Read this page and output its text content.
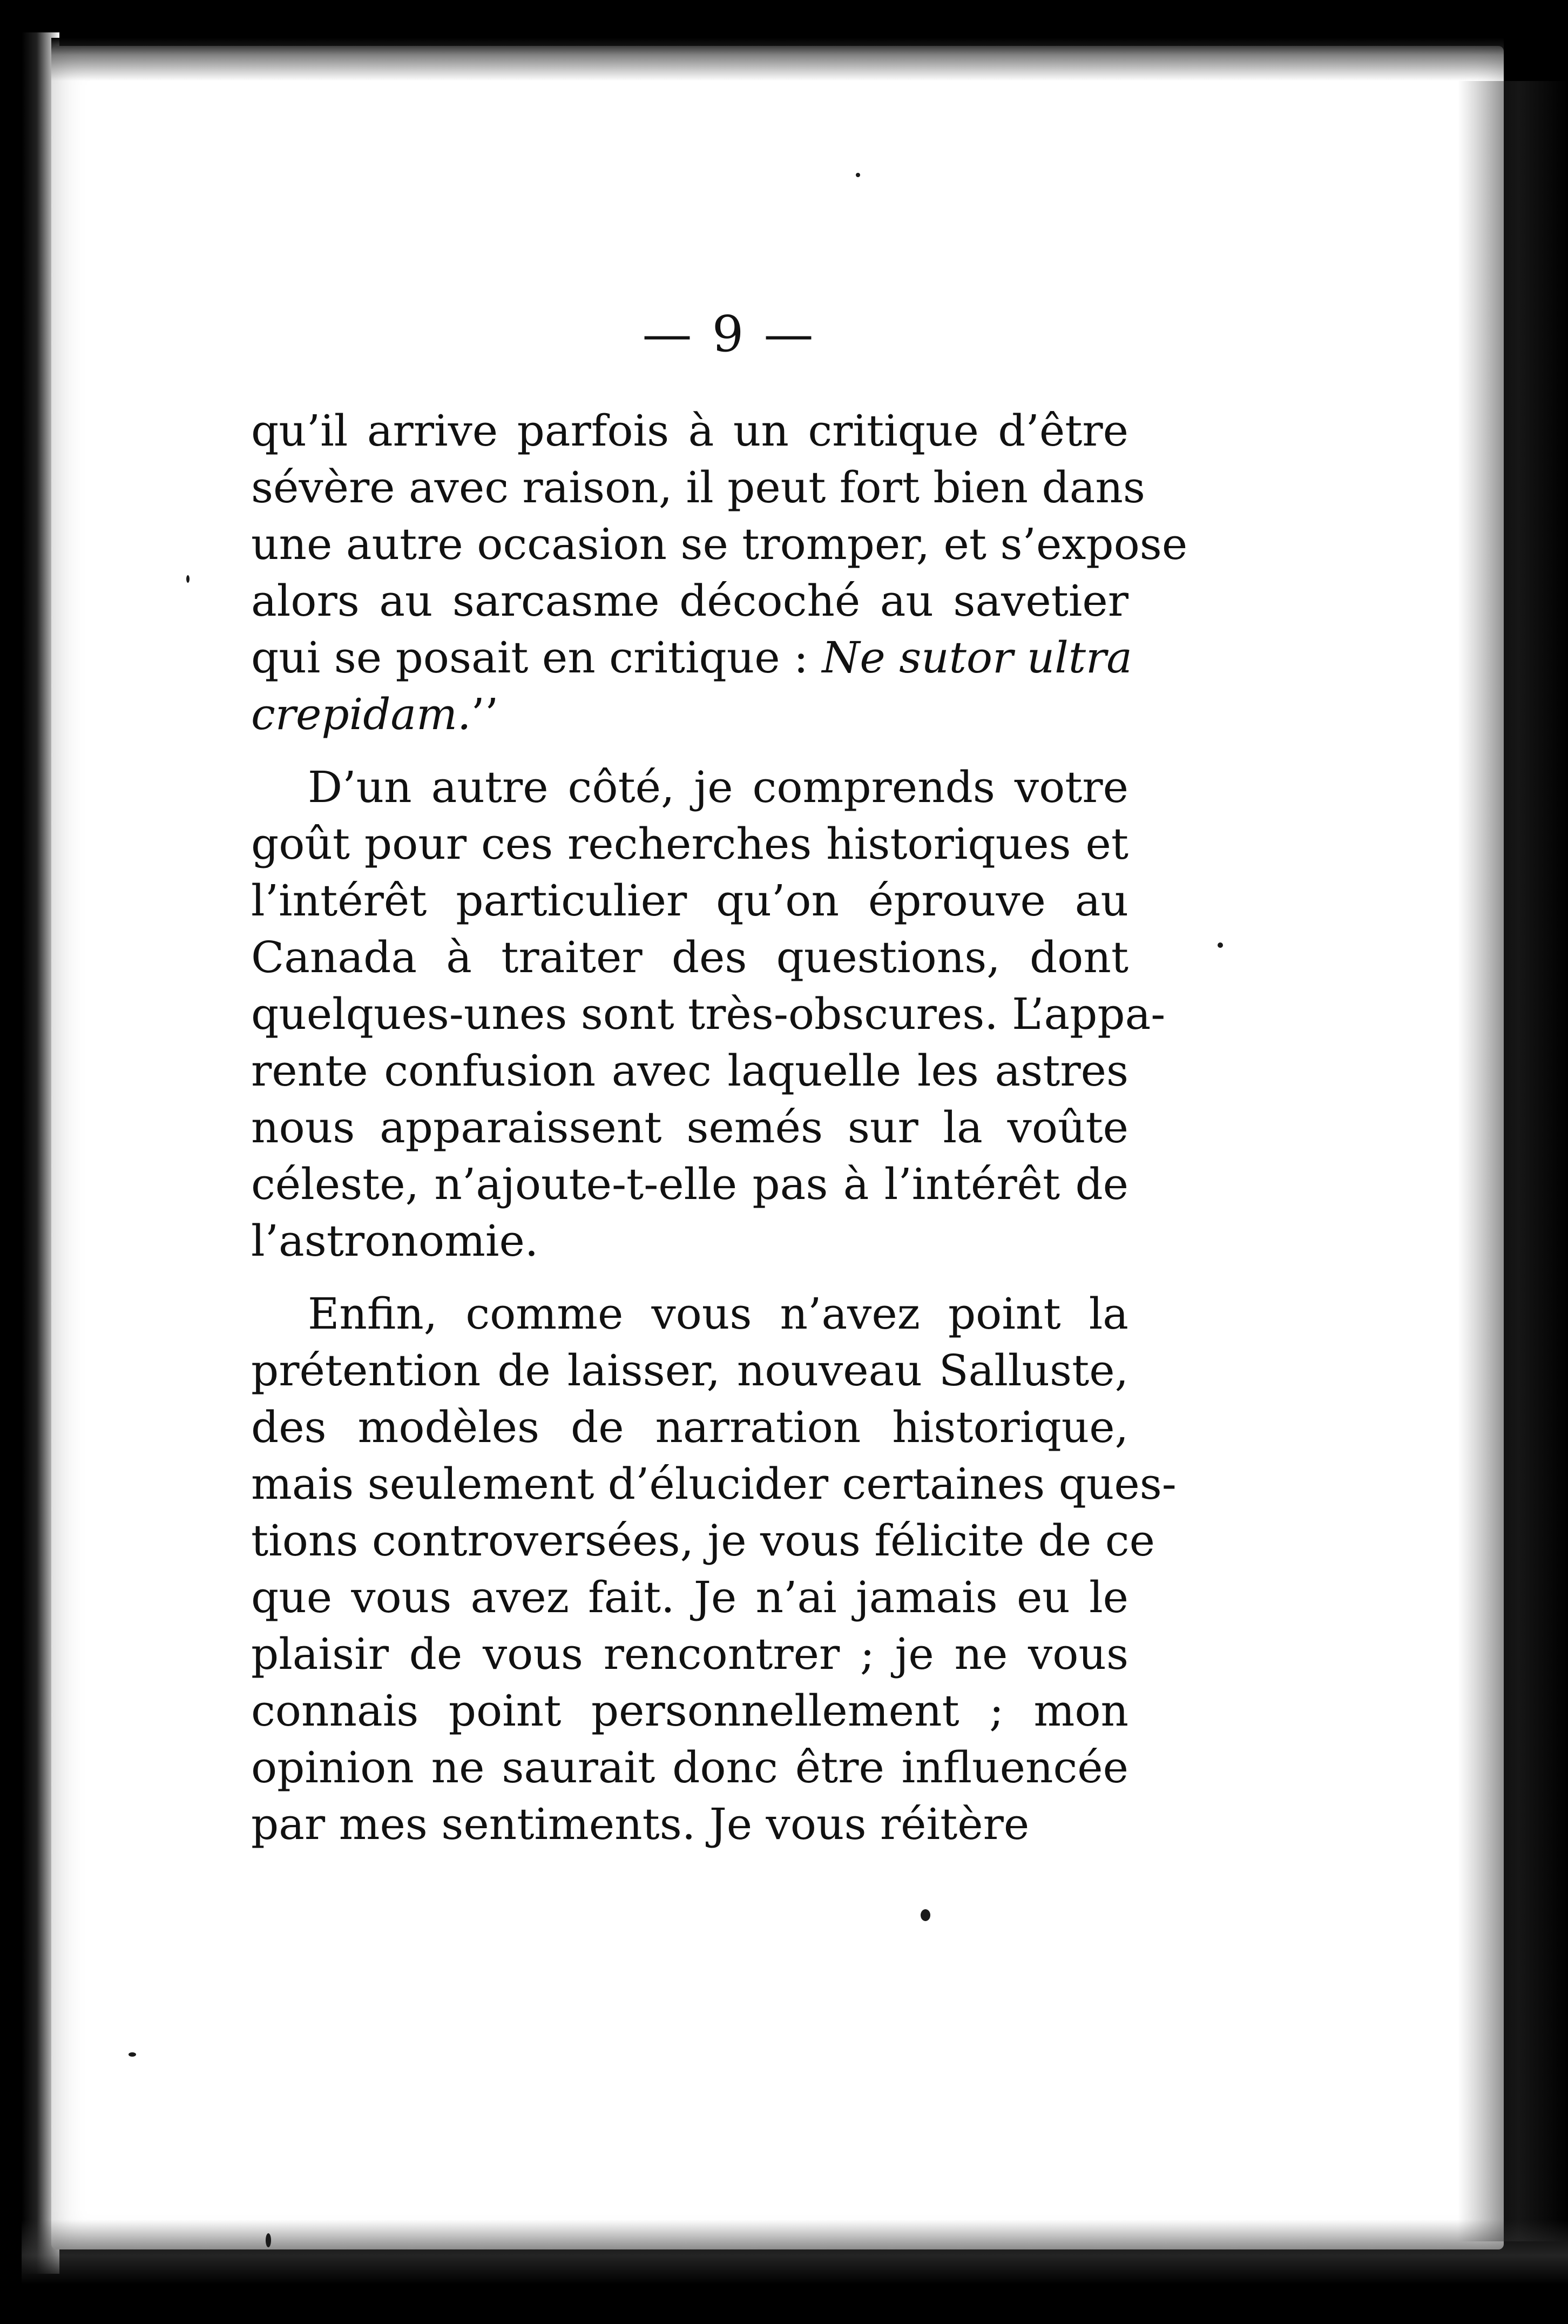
— 9 —
qu’il arrive parfois à un critique d’être
sévère avec raison, il peut fort bien dans
une autre occasion se tromper, et s’expose
alors au sarcasme décoché au savetier
qui se posait en critique : Ne sutor ultra
crepidam.’’
D’un autre côté, je comprends votre
goût pour ces recherches historiques et
l’intérêt particulier qu’on éprouve au
Canada à traiter des questions, dont
quelques-unes sont très-obscures. L’appa-
rente confusion avec laquelle les astres
nous apparaissent semés sur la voûte
céleste, n’ajoute-t-elle pas à l’intérêt de
l’astronomie.
Enfin, comme vous n’avez point la
prétention de laisser, nouveau Salluste,
des modèles de narration historique,
mais seulement d’élucider certaines ques-
tions controversées, je vous félicite de ce
que vous avez fait. Je n’ai jamais eu le
plaisir de vous rencontrer ; je ne vous
connais point personnellement ; mon
opinion ne saurait donc être influencée
par mes sentiments. Je vous réitère
